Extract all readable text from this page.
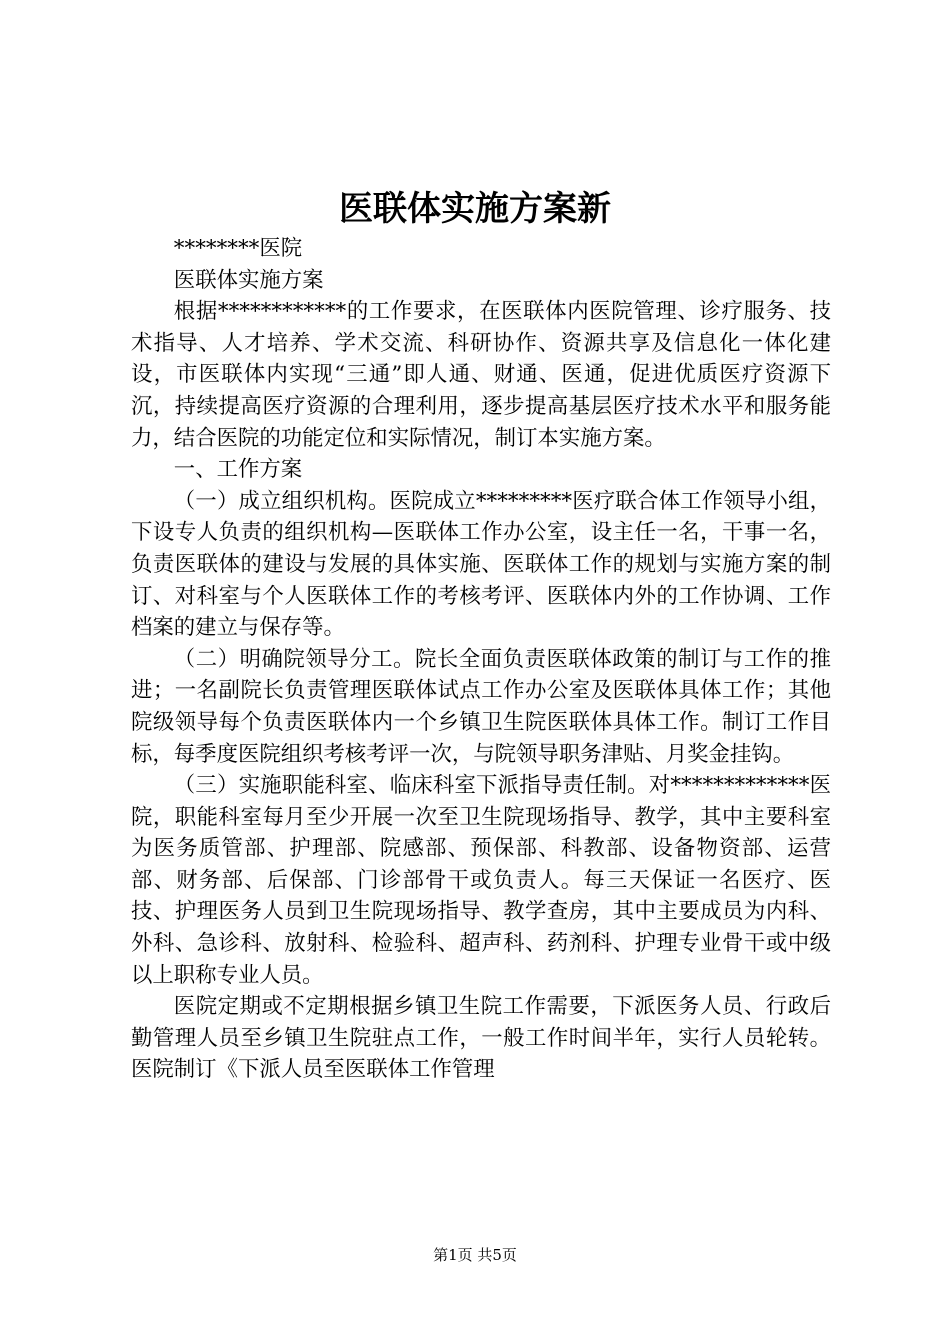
医联体实施方案新

********医院

医联体实施方案

根据************的工作要求，在医联体内医院管理、诊疗服务、技术指导、人才培养、学术交流、科研协作、资源共享及信息化一体化建设，市医联体内实现“三通”即人通、财通、医通，促进优质医疗资源下沉，持续提高医疗资源的合理利用，逐步提高基层医疗技术水平和服务能力，结合医院的功能定位和实际情况，制订本实施方案。

一、工作方案

（一）成立组织机构。医院成立*********医疗联合体工作领导小组，下设专人负责的组织机构—医联体工作办公室，设主任一名，干事一名，负责医联体的建设与发展的具体实施、医联体工作的规划与实施方案的制订、对科室与个人医联体工作的考核考评、医联体内外的工作协调、工作档案的建立与保存等。

（二）明确院领导分工。院长全面负责医联体政策的制订与工作的推进；一名副院长负责管理医联体试点工作办公室及医联体具体工作；其他院级领导每个负责医联体内一个乡镇卫生院医联体具体工作。制订工作目标，每季度医院组织考核考评一次，与院领导职务津贴、月奖金挂钩。

（三）实施职能科室、临床科室下派指导责任制。对*************医院，职能科室每月至少开展一次至卫生院现场指导、教学，其中主要科室为医务质管部、护理部、院感部、预保部、科教部、设备物资部、运营部、财务部、后保部、门诊部骨干或负责人。每三天保证一名医疗、医技、护理医务人员到卫生院现场指导、教学查房，其中主要成员为内科、外科、急诊科、放射科、检验科、超声科、药剂科、护理专业骨干或中级以上职称专业人员。

医院定期或不定期根据乡镇卫生院工作需要，下派医务人员、行政后勤管理人员至乡镇卫生院驻点工作，一般工作时间半年，实行人员轮转。医院制订《下派人员至医联体工作管理

第1页 共5页
